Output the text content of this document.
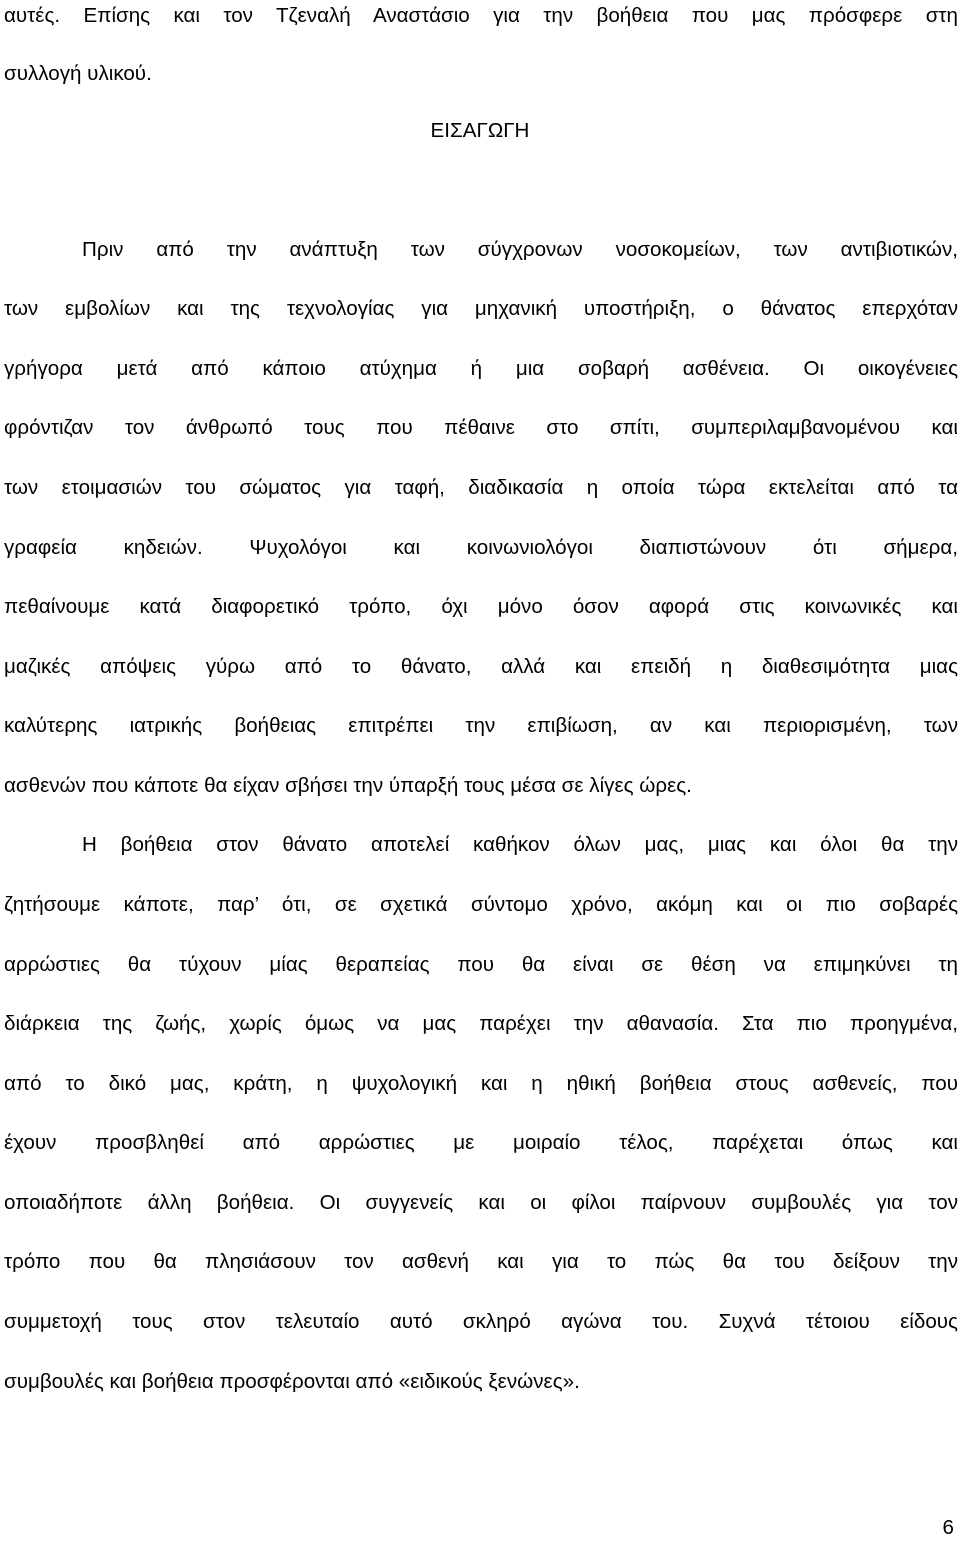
αυτές. Επίσης και τον Τζεναλή Αναστάσιο για την βοήθεια που μας πρόσφερε στη
συλλογή υλικού.
ΕΙΣΑΓΩΓΗ
Πριν από την ανάπτυξη των σύγχρονων νοσοκομείων, των αντιβιοτικών,
των εμβολίων και της τεχνολογίας για μηχανική υποστήριξη, ο θάνατος επερχόταν
γρήγορα μετά από κάποιο ατύχημα ή μια σοβαρή ασθένεια. Οι οικογένειες
φρόντιζαν τον άνθρωπό τους που πέθαινε στο σπίτι, συμπεριλαμβανομένου και
των ετοιμασιών του σώματος για ταφή, διαδικασία η οποία τώρα εκτελείται από τα
γραφεία κηδειών. Ψυχολόγοι και κοινωνιολόγοι διαπιστώνουν ότι σήμερα,
πεθαίνουμε κατά διαφορετικό τρόπο, όχι μόνο όσον αφορά στις κοινωνικές και
μαζικές απόψεις γύρω από το θάνατο, αλλά και επειδή η διαθεσιμότητα μιας
καλύτερης ιατρικής βοήθειας επιτρέπει την επιβίωση, αν και περιορισμένη, των
ασθενών που κάποτε θα είχαν σβήσει την ύπαρξή τους μέσα σε λίγες ώρες.
Η βοήθεια στον θάνατο αποτελεί καθήκον όλων μας, μιας και όλοι θα την
ζητήσουμε κάποτε, παρ’ ότι, σε σχετικά σύντομο χρόνο, ακόμη και οι πιο σοβαρές
αρρώστιες θα τύχουν μίας θεραπείας που θα είναι σε θέση να επιμηκύνει τη
διάρκεια της ζωής, χωρίς όμως να μας παρέχει την αθανασία. Στα πιο προηγμένα,
από το δικό μας, κράτη, η ψυχολογική και η ηθική βοήθεια στους ασθενείς, που
έχουν προσβληθεί από αρρώστιες με μοιραίο τέλος, παρέχεται όπως και
οποιαδήποτε άλλη βοήθεια. Οι συγγενείς και οι φίλοι παίρνουν συμβουλές για τον
τρόπο που θα πλησιάσουν τον ασθενή και για το πώς θα του δείξουν την
συμμετοχή τους στον τελευταίο αυτό σκληρό αγώνα του. Συχνά τέτοιου είδους
συμβουλές και βοήθεια προσφέρονται από «ειδικούς ξενώνες».
6
